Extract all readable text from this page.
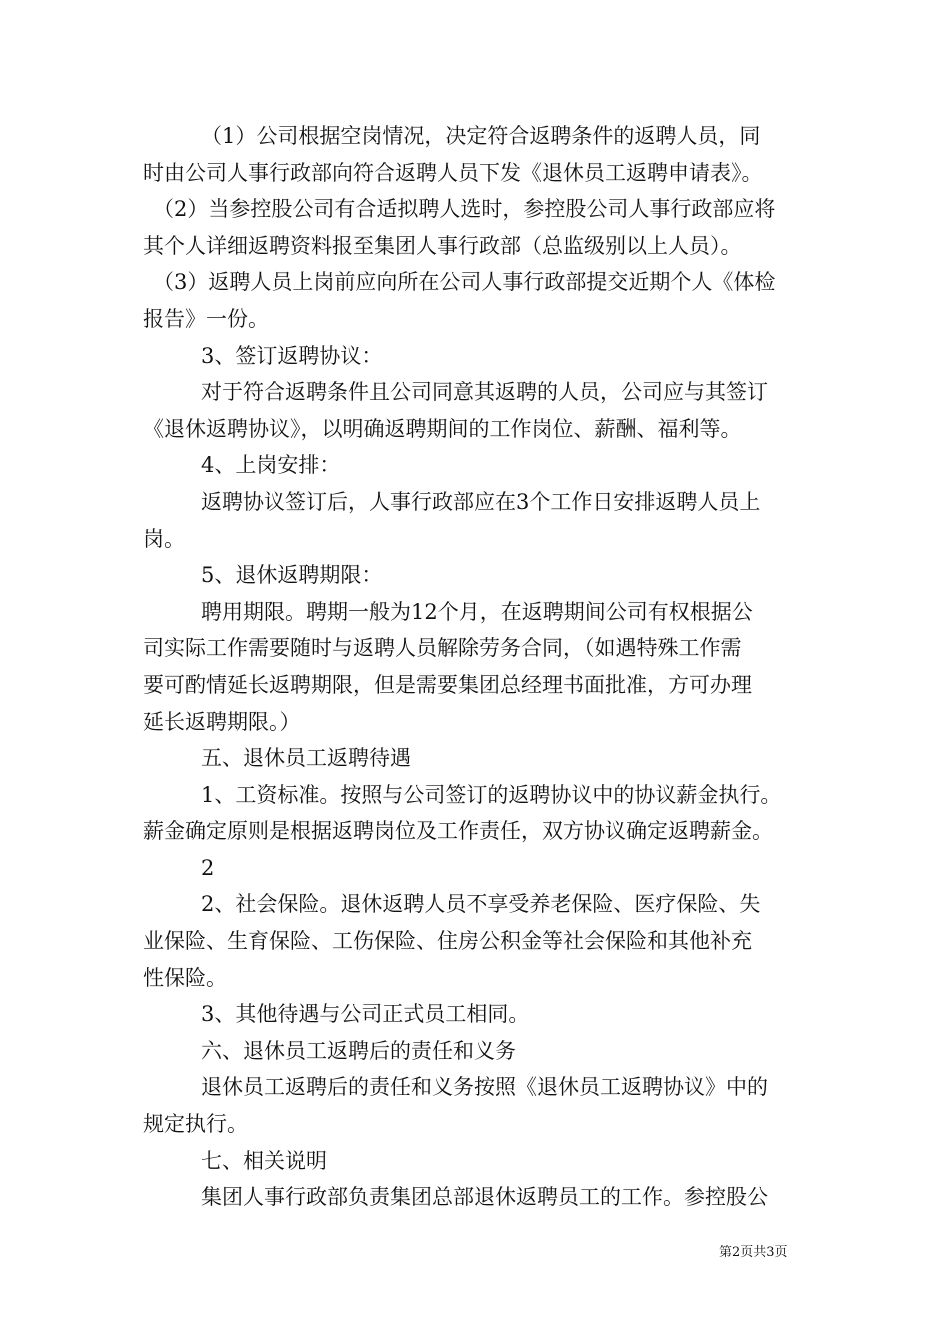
（1）公司根据空岗情况，决定符合返聘条件的返聘人员，同
时由公司人事行政部向符合返聘人员下发《退休员工返聘申请表》。
（2）当参控股公司有合适拟聘人选时，参控股公司人事行政部应将
其个人详细返聘资料报至集团人事行政部（总监级别以上人员）。
（3）返聘人员上岗前应向所在公司人事行政部提交近期个人《体检
报告》一份。
3、签订返聘协议：
对于符合返聘条件且公司同意其返聘的人员，公司应与其签订
《退休返聘协议》，以明确返聘期间的工作岗位、薪酬、福利等。
4、上岗安排：
返聘协议签订后，人事行政部应在3个工作日安排返聘人员上
岗。
5、退休返聘期限：
聘用期限。聘期一般为12个月，在返聘期间公司有权根据公
司实际工作需要随时与返聘人员解除劳务合同，（如遇特殊工作需
要可酌情延长返聘期限，但是需要集团总经理书面批准，方可办理
延长返聘期限。）
五、退休员工返聘待遇
1、工资标准。按照与公司签订的返聘协议中的协议薪金执行。
薪金确定原则是根据返聘岗位及工作责任，双方协议确定返聘薪金。
2
2、社会保险。退休返聘人员不享受养老保险、医疗保险、失
业保险、生育保险、工伤保险、住房公积金等社会保险和其他补充
性保险。
3、其他待遇与公司正式员工相同。
六、退休员工返聘后的责任和义务
退休员工返聘后的责任和义务按照《退休员工返聘协议》中的
规定执行。
七、相关说明
集团人事行政部负责集团总部退休返聘员工的工作。参控股公
第2页共3页
